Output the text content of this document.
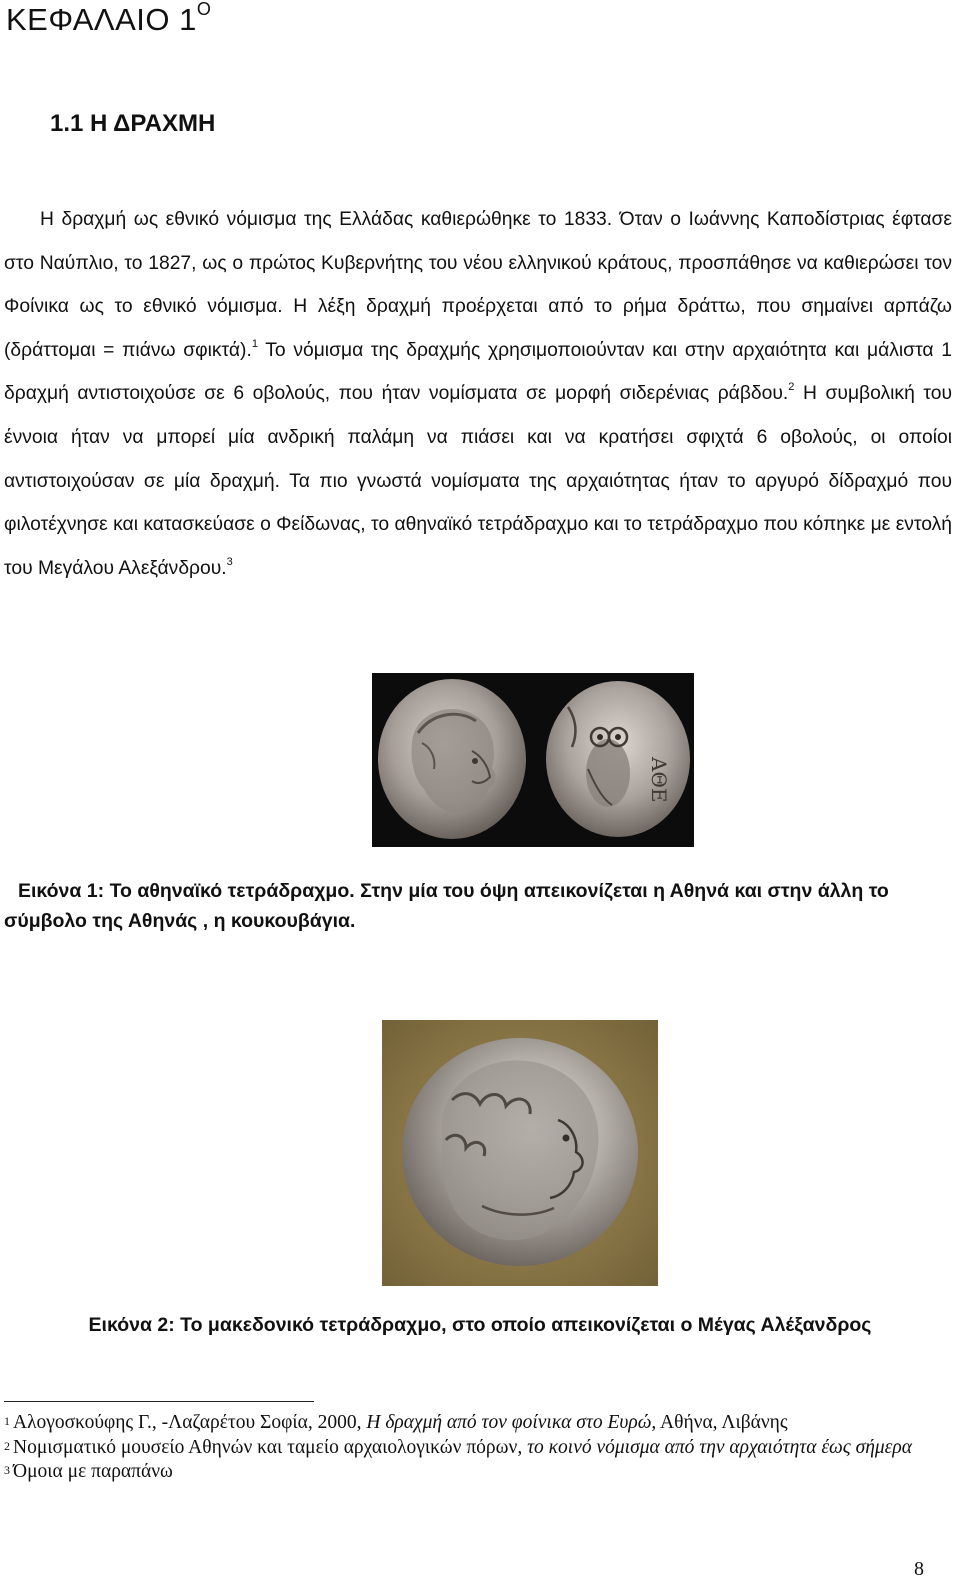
ΚΕΦΑΛΑΙΟ $1^O$
1.1 Η ΔΡΑΧΜΗ

Η δραχμή ως εθνικό νόμισμα της Ελλάδας καθιερώθηκε το 1833. Όταν ο Ιωάννης Καποδίστριας έφτασε στο Ναύπλιο, το 1827, ως ο πρώτος Κυβερνήτης του νέου ελληνικού κράτους, προσπάθησε να καθιερώσει τον Φοίνικα ως το εθνικό νόμισμα. Η λέξη δραχμή προέρχεται από το ρήμα δράττω, που σημαίνει αρπάζω (δράττομαι = πιάνω σφικτά).$^1$ Το νόμισμα της δραχμής χρησιμοποιούνταν και στην αρχαιότητα και μάλιστα 1 δραχμή αντιστοιχούσε σε 6 οβολούς, που ήταν νομίσματα σε μορφή σιδερένιας ράβδου.$^2$ Η συμβολική του έννοια ήταν να μπορεί μία ανδρική παλάμη να πιάσει και να κρατήσει σφιχτά 6 οβολούς, οι οποίοι αντιστοιχούσαν σε μία δραχμή. Τα πιο γνωστά νομίσματα της αρχαιότητας ήταν το αργυρό δίδραχμό που φιλοτέχνησε και κατασκεύασε ο Φείδωνας, το αθηναϊκό τετράδραχμο και το τετράδραχμο που κόπηκε με εντολή του Μεγάλου Αλεξάνδρου.$^3$

ΑΘΕ

Εικόνα 1: Το αθηναϊκό τετράδραχμο. Στην μία του όψη απεικονίζεται η Αθηνά και στην άλλη το σύμβολο της Αθηνάς , η κουκουβάγια.

Εικόνα 2: Το μακεδονικό τετράδραχμο, στο οποίο απεικονίζεται ο Μέγας Αλέξανδρος

$^1$ Αλογοσκούφης Γ., -Λαζαρέτου Σοφία, 2000, Η δραχμή από τον φοίνικα στο Ευρώ, Αθήνα, Λιβάνης
$^2$ Νομισματικό μουσείο Αθηνών και ταμείο αρχαιολογικών πόρων, το κοινό νόμισμα από την αρχαιότητα έως σήμερα
$^3$ Όμοια με παραπάνω
8
